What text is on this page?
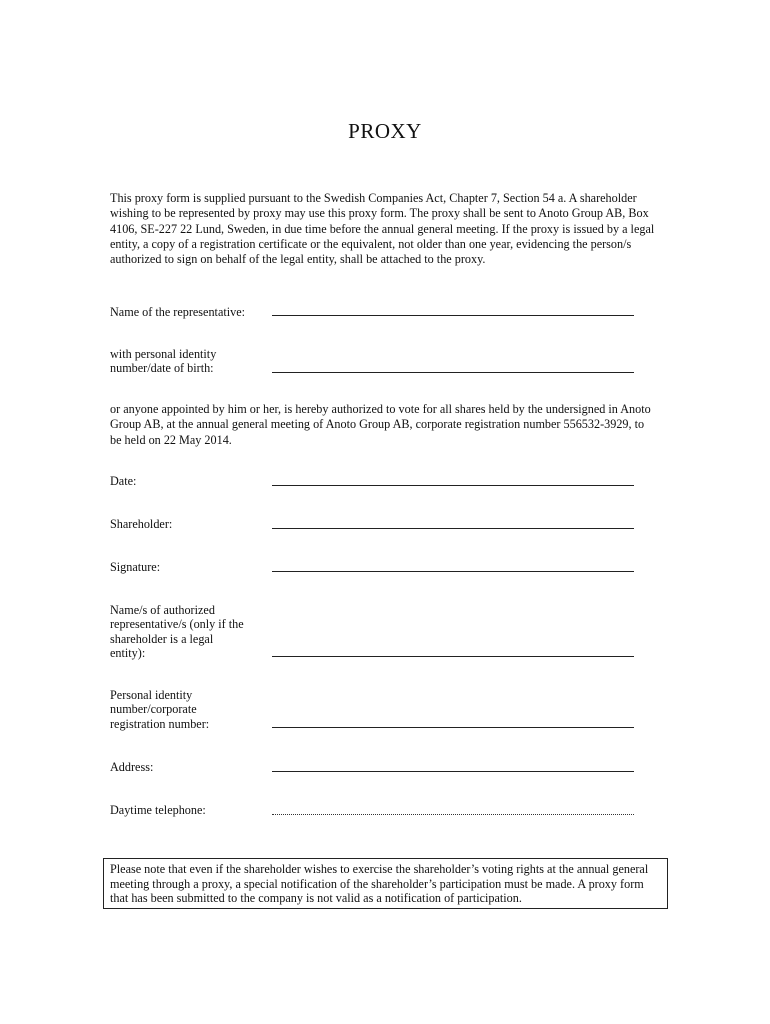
PROXY
This proxy form is supplied pursuant to the Swedish Companies Act, Chapter 7, Section 54 a. A shareholder wishing to be represented by proxy may use this proxy form. The proxy shall be sent to Anoto Group AB, Box 4106, SE-227 22 Lund, Sweden, in due time before the annual general meeting. If the proxy is issued by a legal entity, a copy of a registration certificate or the equivalent, not older than one year, evidencing the person/s authorized to sign on behalf of the legal entity, shall be attached to the proxy.
Name of the representative:
with personal identity
number/date of birth:
or anyone appointed by him or her, is hereby authorized to vote for all shares held by the undersigned in Anoto Group AB, at the annual general meeting of Anoto Group AB, corporate registration number 556532-3929, to be held on 22 May 2014.
Date:
Shareholder:
Signature:
Name/s of authorized
representative/s (only if the
shareholder is a legal
entity):
Personal identity
number/corporate
registration number:
Address:
Daytime telephone:
Please note that even if the shareholder wishes to exercise the shareholder’s voting rights at the annual general meeting through a proxy, a special notification of the shareholder’s participation must be made. A proxy form that has been submitted to the company is not valid as a notification of participation.
